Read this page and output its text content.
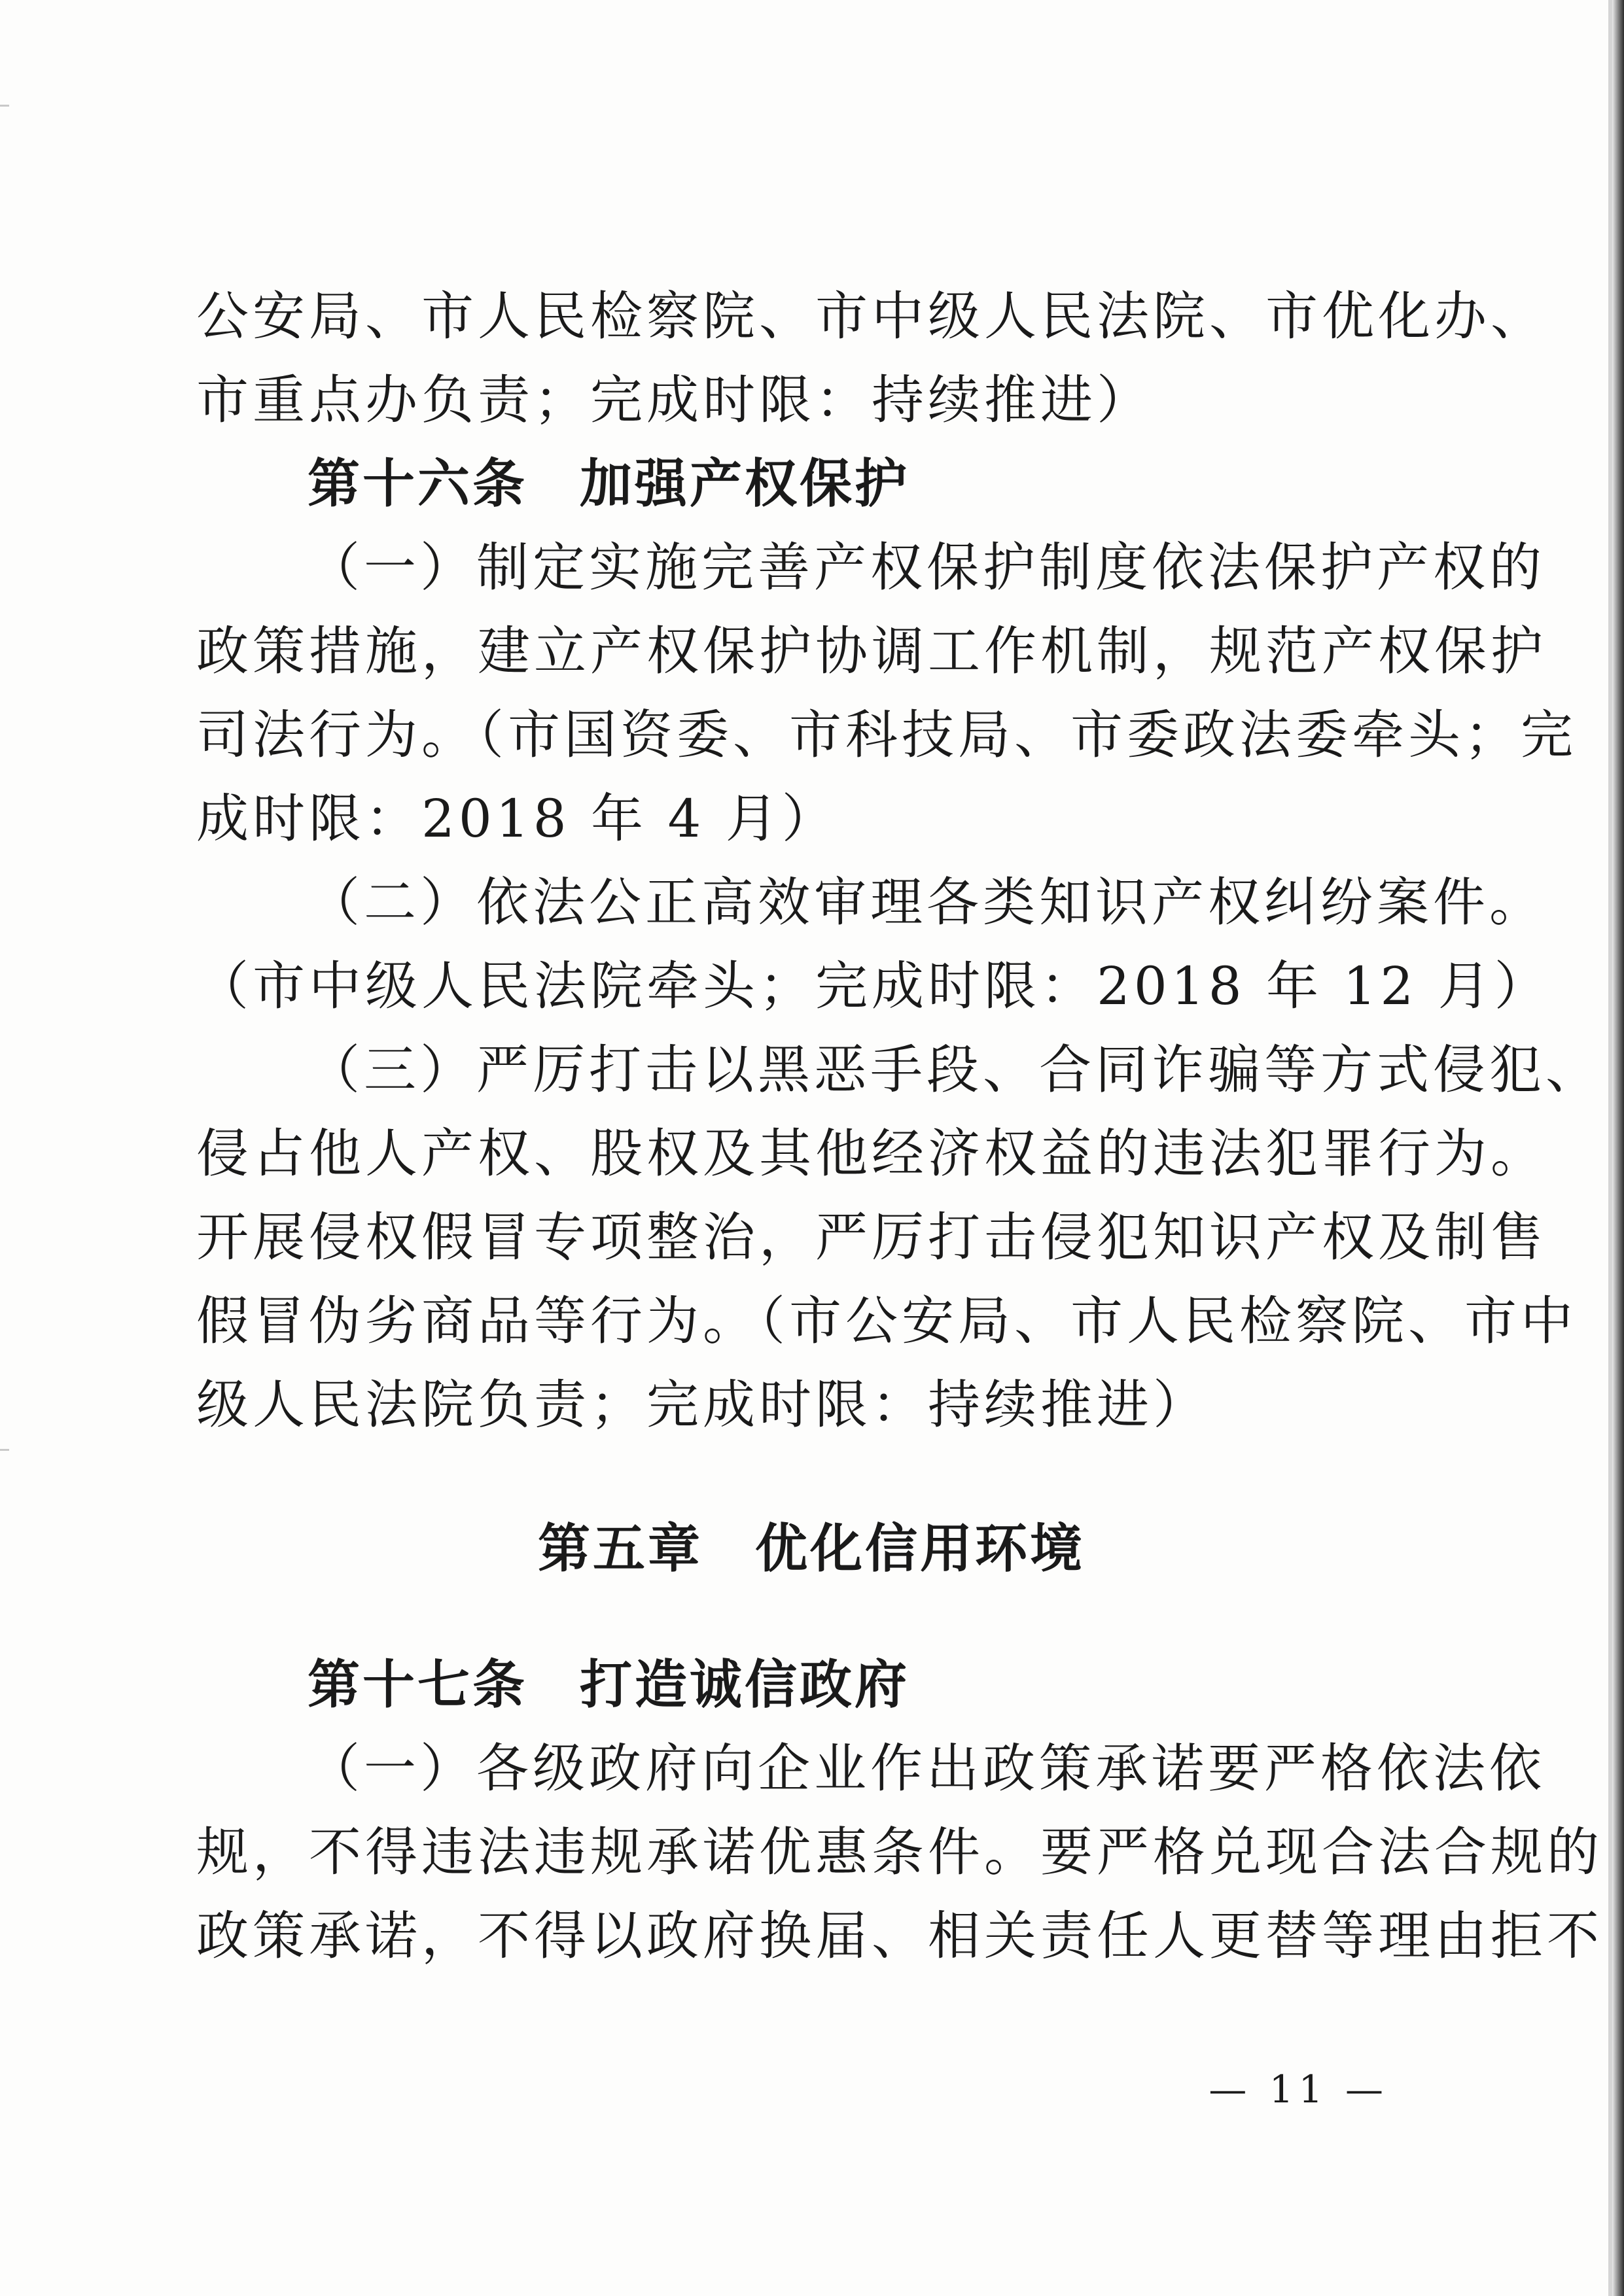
公安局、市人民检察院、市中级人民法院、市优化办、
市重点办负责；完成时限：持续推进）
第十六条 加强产权保护
（一）制定实施完善产权保护制度依法保护产权的
政策措施，建立产权保护协调工作机制，规范产权保护
司法行为。（市国资委、市科技局、市委政法委牵头；完
成时限：2018 年 4 月）
（二）依法公正高效审理各类知识产权纠纷案件。
（市中级人民法院牵头；完成时限：2018 年 12 月）
（三）严厉打击以黑恶手段、合同诈骗等方式侵犯、
侵占他人产权、股权及其他经济权益的违法犯罪行为。
开展侵权假冒专项整治，严厉打击侵犯知识产权及制售
假冒伪劣商品等行为。（市公安局、市人民检察院、市中
级人民法院负责；完成时限：持续推进）
第五章 优化信用环境
第十七条 打造诚信政府
（一）各级政府向企业作出政策承诺要严格依法依
规，不得违法违规承诺优惠条件。要严格兑现合法合规的
政策承诺，不得以政府换届、相关责任人更替等理由拒不
— 11 —
